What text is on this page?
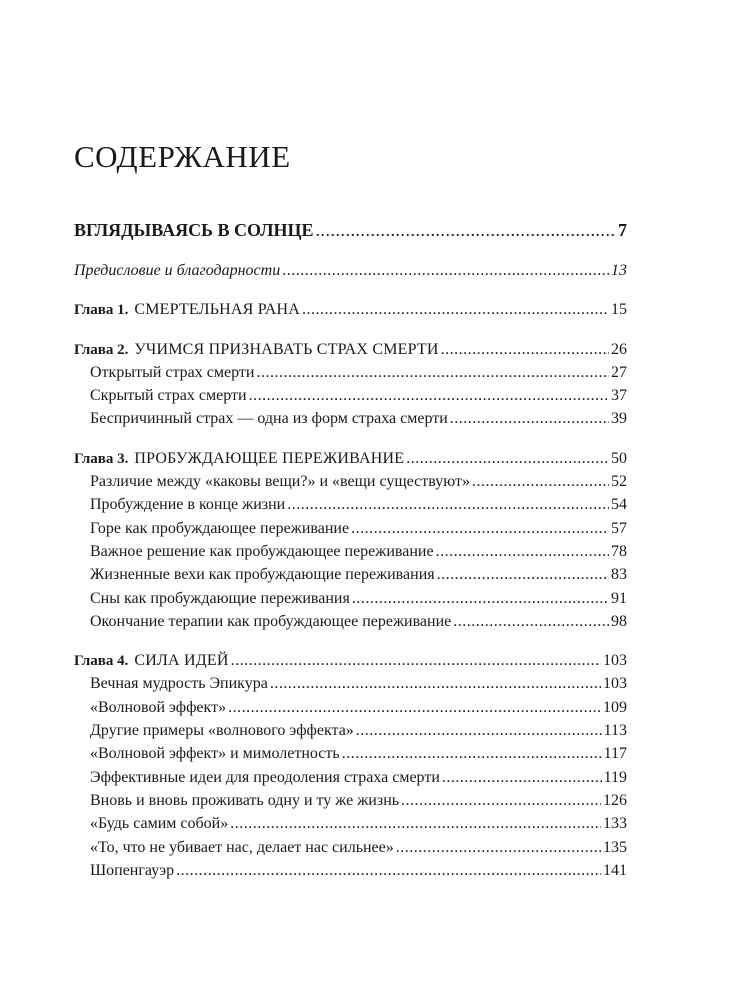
СОДЕРЖАНИЕ
ВГЛЯДЫВАЯСЬ В СОЛНЦЕ .....	7
Предисловие и благодарности .....	13
Глава 1. СМЕРТЕЛЬНАЯ РАНА .....	15
Глава 2. УЧИМСЯ ПРИЗНАВАТЬ СТРАХ СМЕРТИ .....	26
Открытый страх смерти .....	27
Скрытый страх смерти .....	37
Беспричинный страх — одна из форм страха смерти .....	39
Глава 3. ПРОБУЖДАЮЩЕЕ ПЕРЕЖИВАНИЕ .....	50
Различие между «каковы вещи?» и «вещи существуют» .....	52
Пробуждение в конце жизни .....	54
Горе как пробуждающее переживание .....	57
Важное решение как пробуждающее переживание .....	78
Жизненные вехи как пробуждающие переживания .....	83
Сны как пробуждающие переживания .....	91
Окончание терапии как пробуждающее переживание .....	98
Глава 4. СИЛА ИДЕЙ .....	103
Вечная мудрость Эпикура .....	103
«Волновой эффект» .....	109
Другие примеры «волнового эффекта» .....	113
«Волновой эффект» и мимолетность .....	117
Эффективные идеи для преодоления страха смерти .....	119
Вновь и вновь проживать одну и ту же жизнь .....	126
«Будь самим собой» .....	133
«То, что не убивает нас, делает нас сильнее» .....	135
Шопенгауэр .....	141
